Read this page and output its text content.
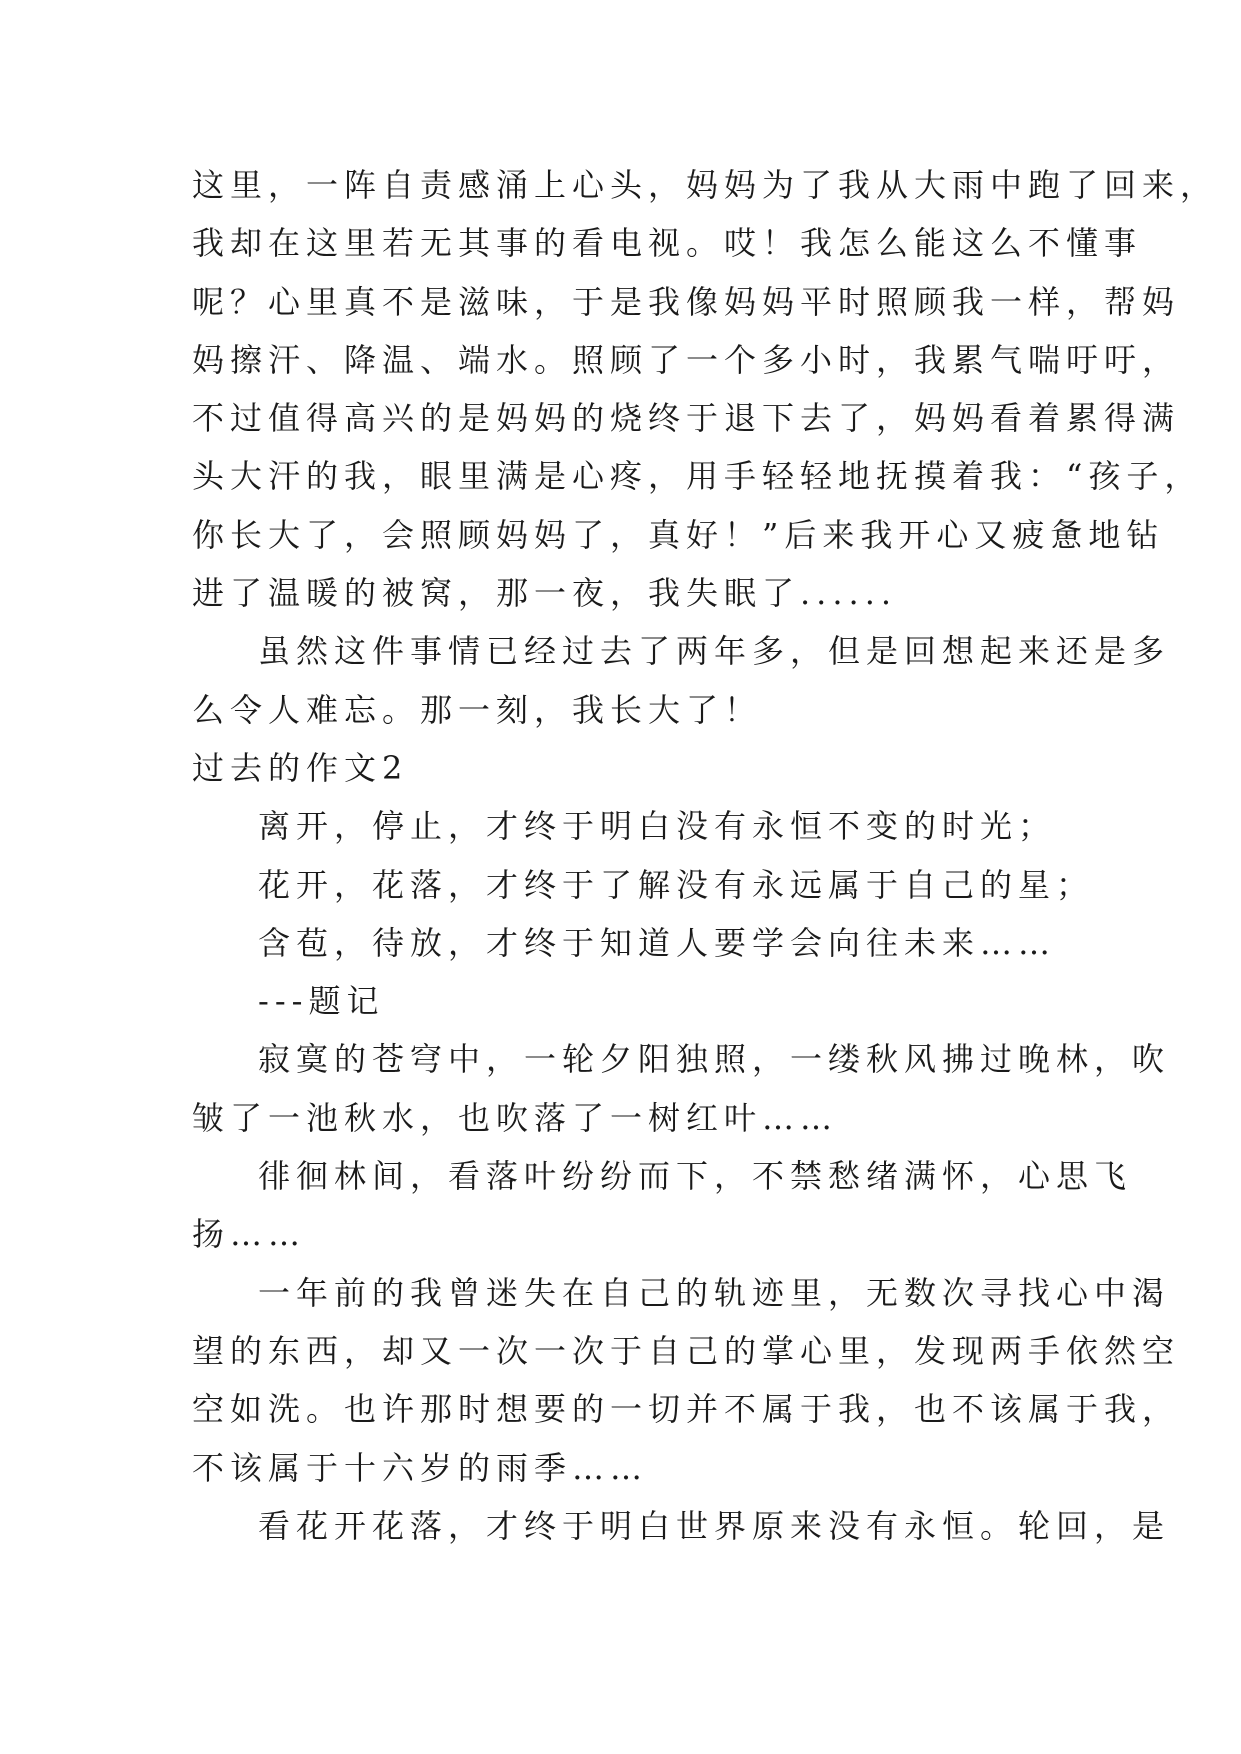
这里，一阵自责感涌上心头，妈妈为了我从大雨中跑了回来，
我却在这里若无其事的看电视。哎！我怎么能这么不懂事
呢？心里真不是滋味，于是我像妈妈平时照顾我一样，帮妈
妈擦汗、降温、端水。照顾了一个多小时，我累气喘吁吁，
不过值得高兴的是妈妈的烧终于退下去了，妈妈看着累得满
头大汗的我，眼里满是心疼，用手轻轻地抚摸着我：“孩子，
你长大了，会照顾妈妈了，真好！”后来我开心又疲惫地钻
进了温暖的被窝，那一夜，我失眠了......
虽然这件事情已经过去了两年多，但是回想起来还是多
么令人难忘。那一刻，我长大了！
过去的作文2
离开，停止，才终于明白没有永恒不变的时光；
花开，花落，才终于了解没有永远属于自己的星；
含苞，待放，才终于知道人要学会向往未来……
---题记
寂寞的苍穹中，一轮夕阳独照，一缕秋风拂过晚林，吹
皱了一池秋水，也吹落了一树红叶……
徘徊林间，看落叶纷纷而下，不禁愁绪满怀，心思飞
扬……
一年前的我曾迷失在自己的轨迹里，无数次寻找心中渴
望的东西，却又一次一次于自己的掌心里，发现两手依然空
空如洗。也许那时想要的一切并不属于我，也不该属于我，
不该属于十六岁的雨季……
看花开花落，才终于明白世界原来没有永恒。轮回，是
